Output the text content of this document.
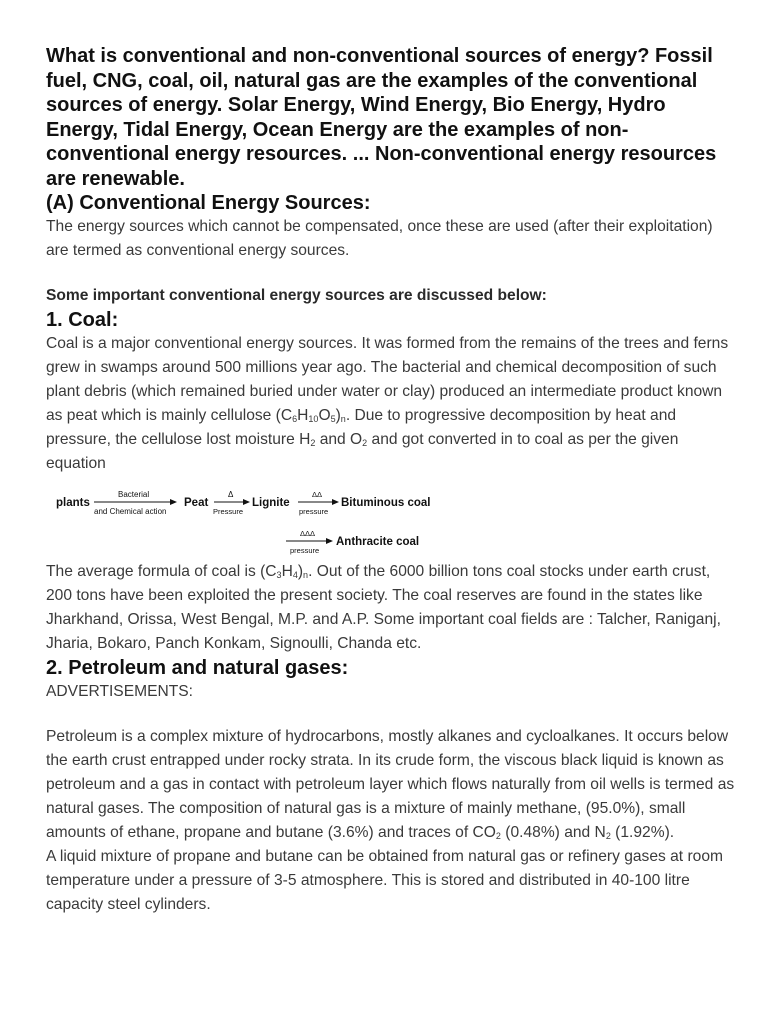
What is conventional and non-conventional sources of energy? Fossil fuel, CNG, coal, oil, natural gas are the examples of the conventional sources of energy. Solar Energy, Wind Energy, Bio Energy, Hydro Energy, Tidal Energy, Ocean Energy are the examples of non-conventional energy resources. ... Non-conventional energy resources are renewable.

(A) Conventional Energy Sources:

The energy sources which cannot be compensated, once these are used (after their exploitation) are termed as conventional energy sources.

Some important conventional energy sources are discussed below:

1. Coal:

Coal is a major conventional energy sources. It was formed from the remains of the trees and ferns grew in swamps around 500 millions year ago. The bacterial and chemical decomposition of such plant debris (which remained buried under water or clay) produced an intermediate product known as peat which is mainly cellulose $(C_6H_{10}O_5)_n$. Due to progressive decomposition by heat and pressure, the cellulose lost moisture $H_2$ and $O_2$ and got converted in to coal as per the given equation

plants
Bacterial
and Chemical action
Peat
Δ
Pressure
Lignite
ΔΔ
pressure
Bituminous coal
ΔΔΔ
pressure
Anthracite coal

The average formula of coal is $(C_3H_4)_n$. Out of the 6000 billion tons coal stocks under earth crust, 200 tons have been exploited the present society. The coal reserves are found in the states like Jharkhand, Orissa, West Bengal, M.P. and A.P. Some important coal fields are : Talcher, Raniganj, Jharia, Bokaro, Panch Konkam, Signoulli, Chanda etc.

2. Petroleum and natural gases:

ADVERTISEMENTS:

Petroleum is a complex mixture of hydrocarbons, mostly alkanes and cycloalkanes. It occurs below the earth crust entrapped under rocky strata. In its crude form, the viscous black liquid is known as petroleum and a gas in contact with petroleum layer which flows naturally from oil wells is termed as natural gases. The composition of natural gas is a mixture of mainly methane, (95.0%), small amounts of ethane, propane and butane (3.6%) and traces of $CO_2$ (0.48%) and $N_2$ (1.92%).

A liquid mixture of propane and butane can be obtained from natural gas or refinery gases at room temperature under a pressure of 3-5 atmosphere. This is stored and distributed in 40-100 litre capacity steel cylinders.
